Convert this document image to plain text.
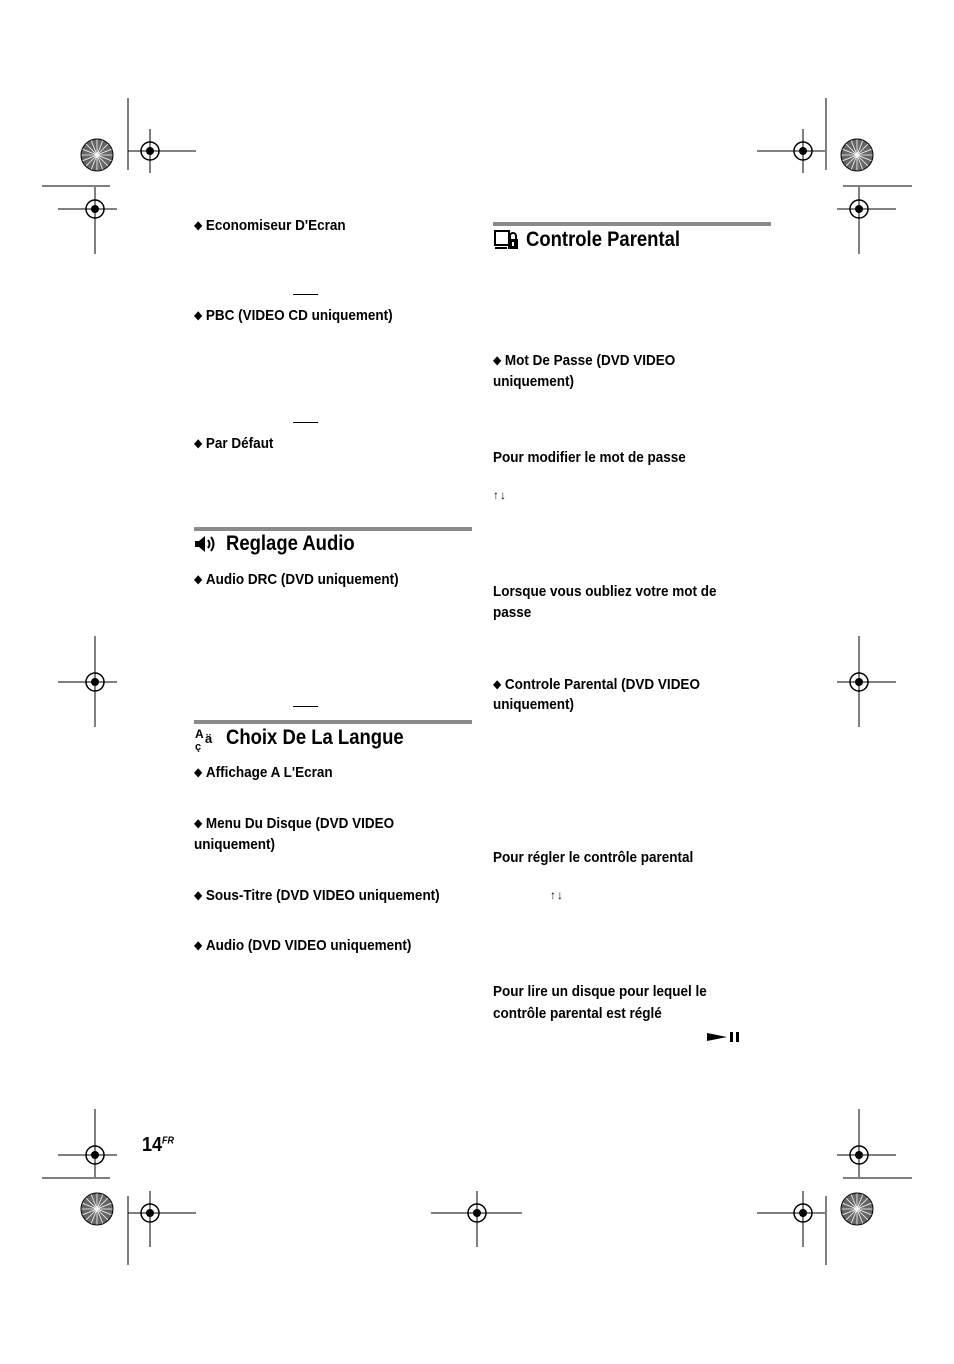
◆ Economiseur D'Ecran
◆ PBC (VIDEO CD uniquement)
◆ Par Défaut
Reglage Audio
◆ Audio DRC (DVD uniquement)
A ä
ç Choix De La Langue
◆ Affichage A L'Ecran
◆ Menu Du Disque (DVD VIDEO
uniquement)
◆ Sous-Titre (DVD VIDEO uniquement)
◆ Audio (DVD VIDEO uniquement)
Controle Parental
◆ Mot De Passe (DVD VIDEO
uniquement)
Pour modifier le mot de passe
↑↓
Lorsque vous oubliez votre mot de
passe
◆ Controle Parental (DVD VIDEO
uniquement)
Pour régler le contrôle parental
↑↓
Pour lire un disque pour lequel le
contrôle parental est réglé
$14^{FR}$
